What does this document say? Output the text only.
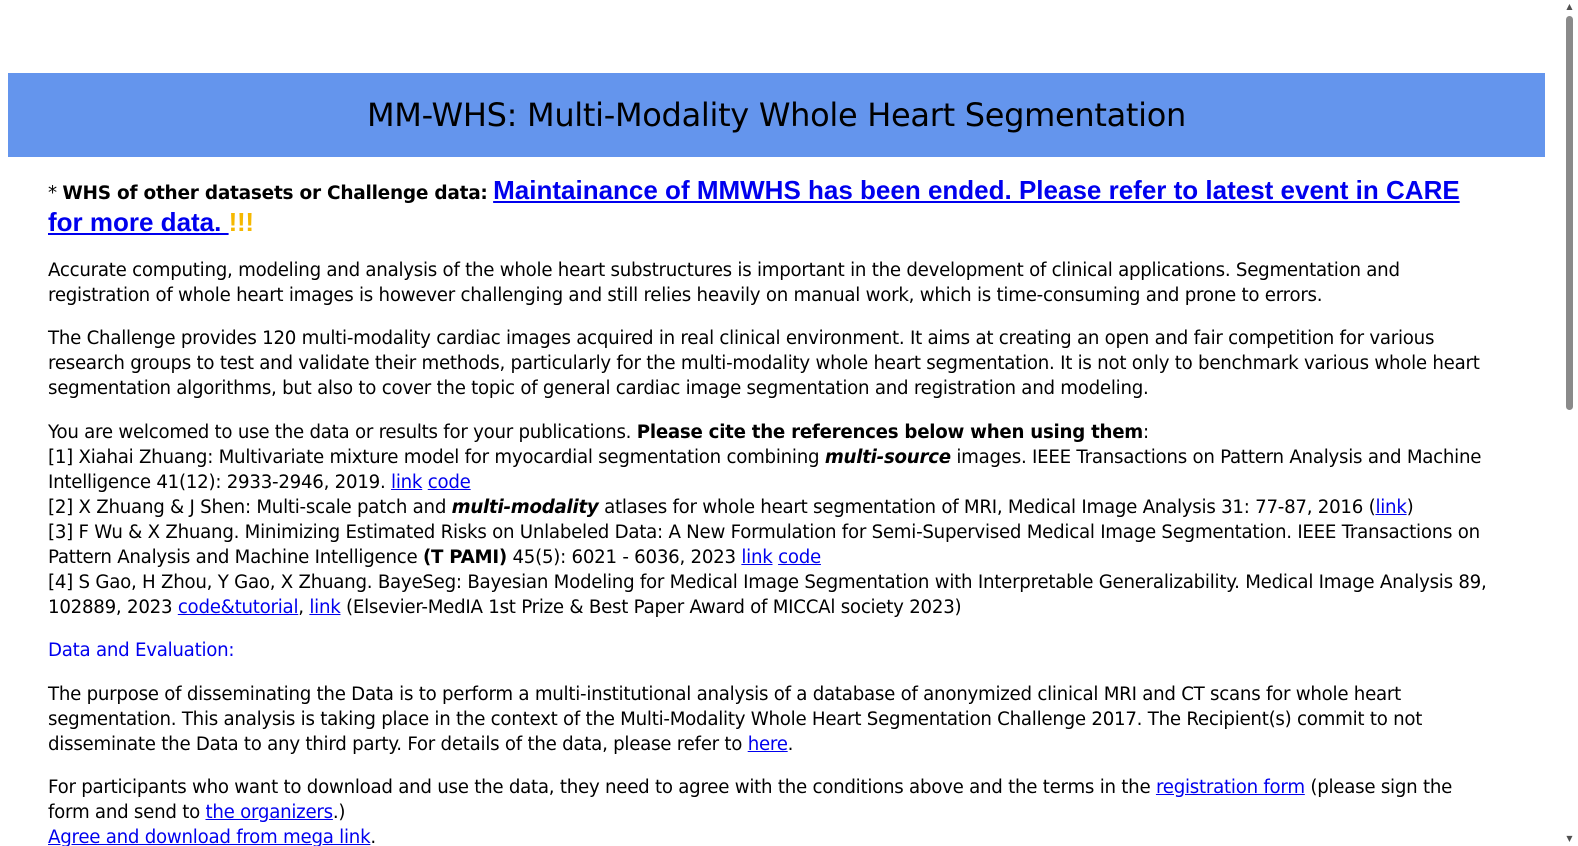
MM-WHS: Multi-Modality Whole Heart Segmentation

* WHS of other datasets or Challenge data: Maintainance of MMWHS has been ended. Please refer to latest event in CARE for more data. !!!

Accurate computing, modeling and analysis of the whole heart substructures is important in the development of clinical applications. Segmentation and registration of whole heart images is however challenging and still relies heavily on manual work, which is time-consuming and prone to errors.

The Challenge provides 120 multi-modality cardiac images acquired in real clinical environment. It aims at creating an open and fair competition for various research groups to test and validate their methods, particularly for the multi-modality whole heart segmentation. It is not only to benchmark various whole heart segmentation algorithms, but also to cover the topic of general cardiac image segmentation and registration and modeling.

You are welcomed to use the data or results for your publications. Please cite the references below when using them:

[1] Xiahai Zhuang: Multivariate mixture model for myocardial segmentation combining multi-source images. IEEE Transactions on Pattern Analysis and Machine Intelligence 41(12): 2933-2946, 2019. link code

[2] X Zhuang & J Shen: Multi-scale patch and multi-modality atlases for whole heart segmentation of MRI, Medical Image Analysis 31: 77-87, 2016 (link)

[3] F Wu & X Zhuang. Minimizing Estimated Risks on Unlabeled Data: A New Formulation for Semi-Supervised Medical Image Segmentation. IEEE Transactions on Pattern Analysis and Machine Intelligence (T PAMI) 45(5): 6021 - 6036, 2023 link code

[4] S Gao, H Zhou, Y Gao, X Zhuang. BayeSeg: Bayesian Modeling for Medical Image Segmentation with Interpretable Generalizability. Medical Image Analysis 89, 102889, 2023 code&tutorial, link (Elsevier-MedIA 1st Prize & Best Paper Award of MICCAl society 2023)

Data and Evaluation:

The purpose of disseminating the Data is to perform a multi-institutional analysis of a database of anonymized clinical MRI and CT scans for whole heart segmentation. This analysis is taking place in the context of the Multi-Modality Whole Heart Segmentation Challenge 2017. The Recipient(s) commit to not disseminate the Data to any third party. For details of the data, please refer to here.

For participants who want to download and use the data, they need to agree with the conditions above and the terms in the registration form (please sign the form and send to the organizers.)
Agree and download from mega link.

▲
▼
